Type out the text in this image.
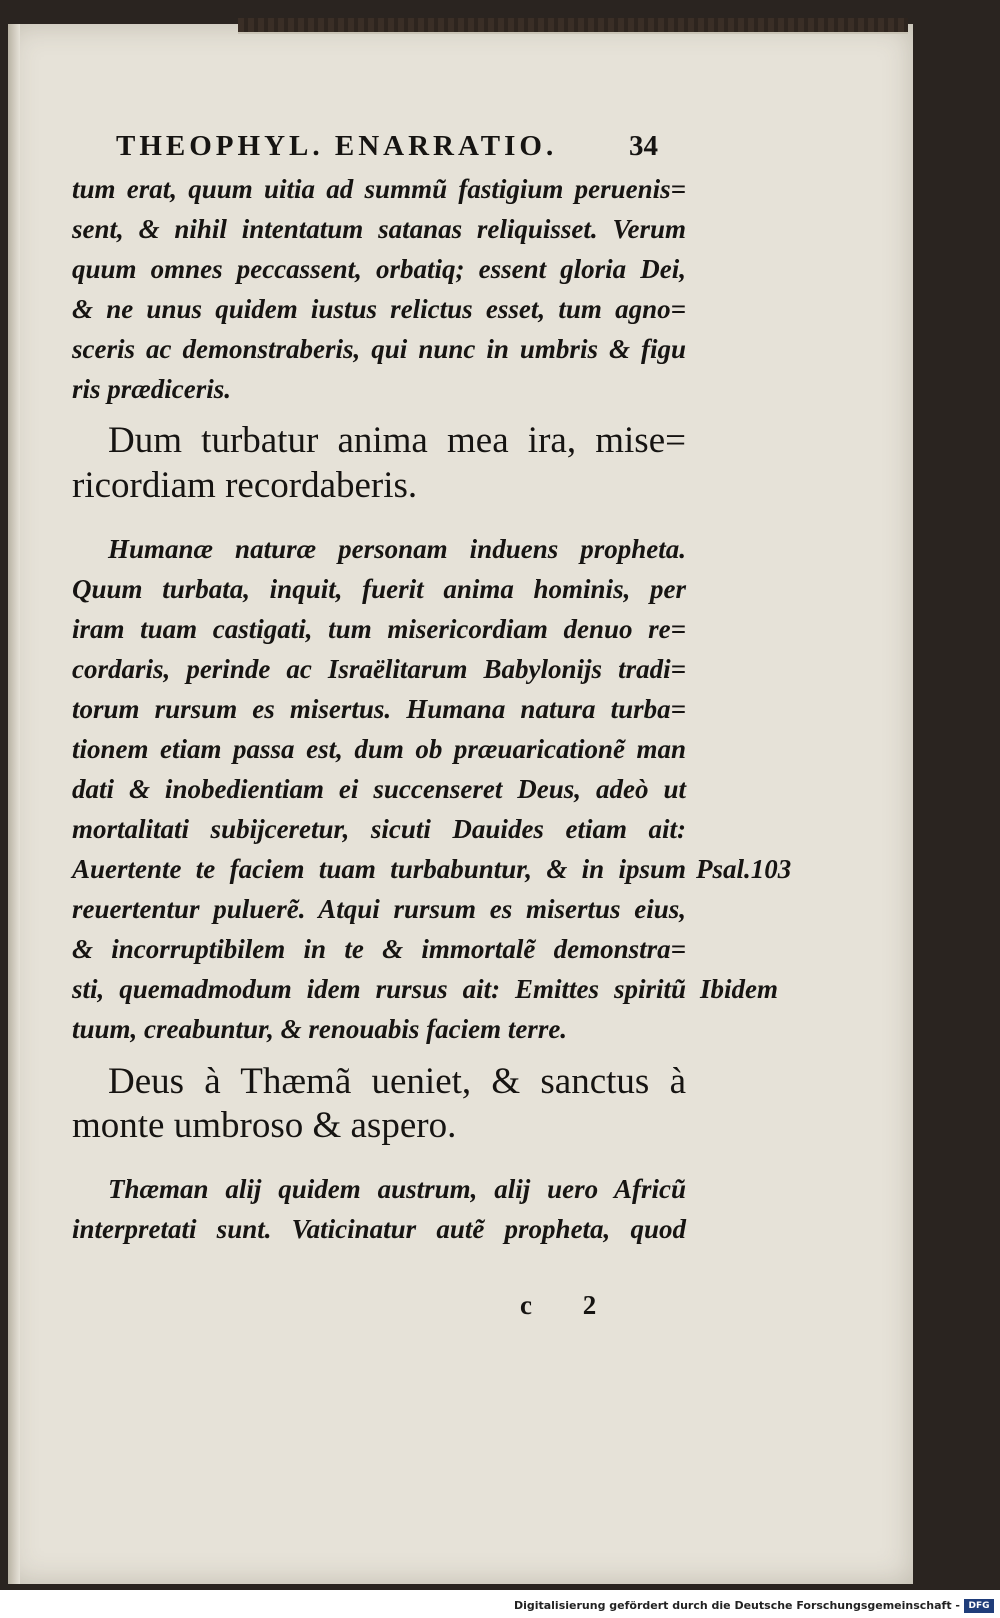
THEOPHYL. ENARRATIO. 34
tum erat, quum uitia ad summũ fastigium peruenis=
sent, & nihil intentatum satanas reliquisset. Verum
quum omnes peccassent, orbatiq; essent gloria Dei,
& ne unus quidem iustus relictus esset, tum agno=
sceris ac demonstraberis, qui nunc in umbris & figu
ris prædiceris.
Dum turbatur anima mea ira, mise=
ricordiam recordaberis.
Humanæ naturæ personam induens propheta.
Quum turbata, inquit, fuerit anima hominis, per
iram tuam castigati, tum misericordiam denuo re=
cordaris, perinde ac Israëlitarum Babylonijs tradi=
torum rursum es misertus. Humana natura turba=
tionem etiam passa est, dum ob præuaricationẽ man
dati & inobedientiam ei succenseret Deus, adeò ut
mortalitati subijceretur, sicuti Dauides etiam ait:
Auertente te faciem tuam turbabuntur, & in ipsum
reuertentur puluerẽ. Atqui rursum es misertus eius,
& incorruptibilem in te & immortalẽ demonstra=
sti, quemadmodum idem rursus ait: Emittes spiritũ
tuum, creabuntur, & renouabis faciem terre.
Psal.103
Ibidem
Deus à Thæmã ueniet, & sanctus à
monte umbroso & aspero.
Thæman alij quidem austrum, alij uero Africũ
interpretati sunt. Vaticinatur autẽ propheta, quod
c 2
Digitalisierung gefördert durch die Deutsche Forschungsgemeinschaft - DFG
